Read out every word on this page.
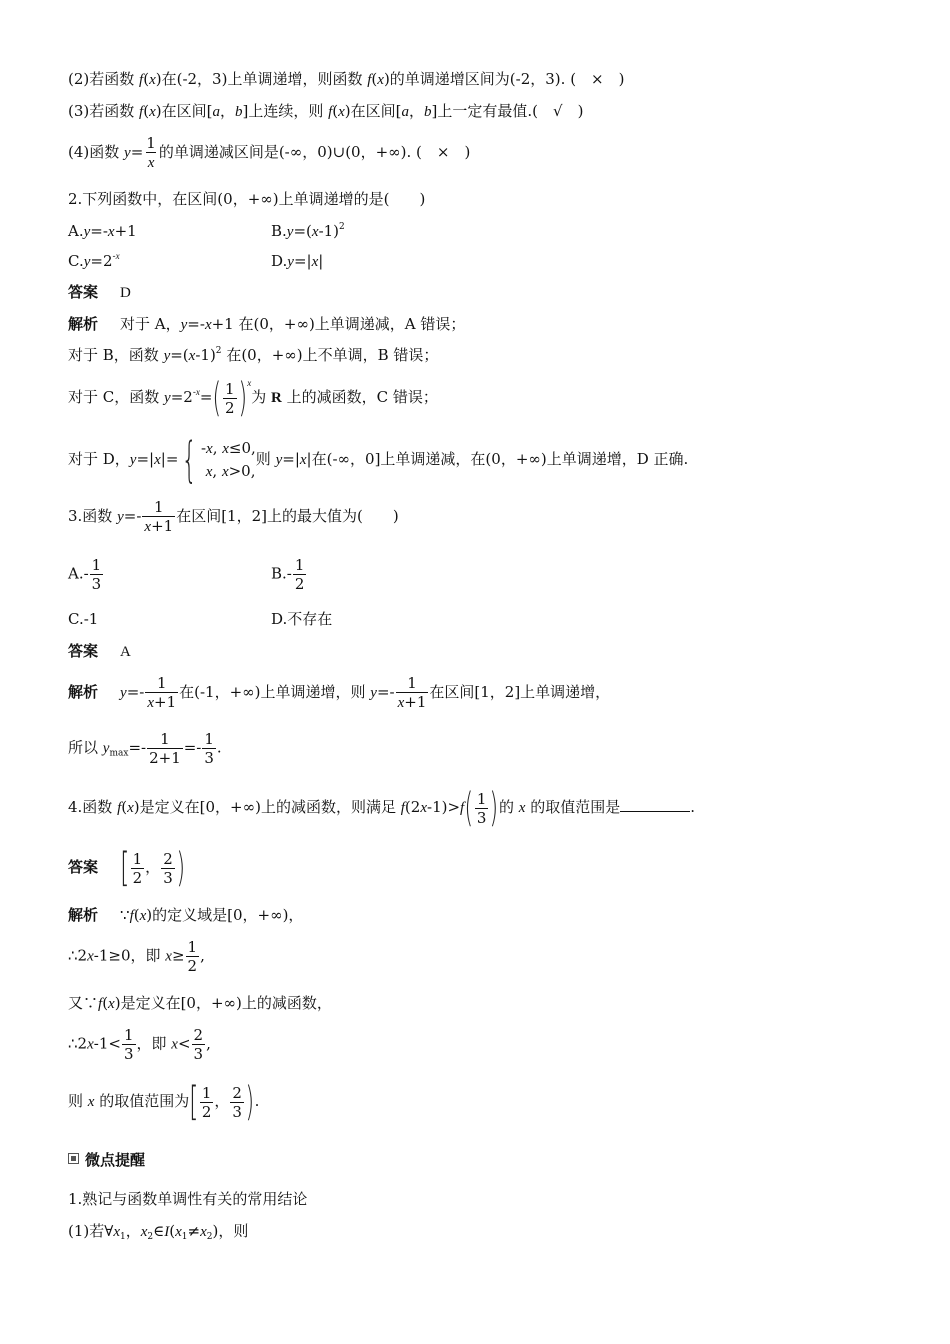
(2)若函数 f(x)在(-2，3)上单调递增，则函数 f(x)的单调递增区间为(-2，3). (　×　)
(3)若函数 f(x)在区间[a，b]上连续，则 f(x)在区间[a，b]上一定有最值.(　√　)
(4)函数 $y= \frac{1}{x}$ 的单调递减区间是(-∞，0)∪(0，+∞). (　×　)
2.下列函数中，在区间(0，+∞)上单调递增的是(　　)
A.y=-x+1	$B.y=(x-1)^2$
$C.y=2^{-x}$	D.y=|x|
答案 D
解析 对于 A，y=-x+1 在(0，+∞)上单调递减，A 错误；
对于 B，函数 $y=(x-1)^2$ 在(0，+∞)上不单调，B 错误；
对于 C，函数 $y=2^{-x}=( \frac{1}{2} )^x$为 R 上的减函数，C 错误；
对于 D，y=|x|={ -x, x≤0,
x, x>0,
则 y=|x|在(-∞，0]上单调递减，在(0，+∞)上单调递增，D 正确.
3.函数 $y=- \frac{1}{x+1}$ 在区间[1，2]上的最大值为(　　)
$A.- \frac{1}{3}$	$B.- \frac{1}{2}$
C.-1	D.不存在
答案 A
解析 $y=- \frac{1}{x+1}$ 在(-1，+∞)上单调递增，则 $y=- \frac{1}{x+1}$ 在区间[1，2]上单调递增，
所以 $y_{max}=- \frac{1}{2+1} =- \frac{1}{3}$ .
4.函数 f(x)是定义在[0，+∞)上的减函数，则满足 $f(2x-1)>f( \frac{1}{3}$ )的 x 的取值范围是	.
答案 [ $\frac{1}{2}$ ， $\frac{2}{3}$ )
解析 ∵f(x)的定义域是[0，+∞)，
∴2x-1≥0，即 $x\ge \frac{1}{2}$ ,
又∵f(x)是定义在[0，+∞)上的减函数，
∴2x-1< $\frac{1}{3}$ ，即 $x< \frac{2}{3}$ ,
则 x 的取值范围为[ $\frac{1}{2}$ ， $\frac{2}{3}$ ).
微点提醒
1.熟记与函数单调性有关的常用结论
(1)若$\forall x_1$，$x_2\in I(x_1\ne x_2)$，则
